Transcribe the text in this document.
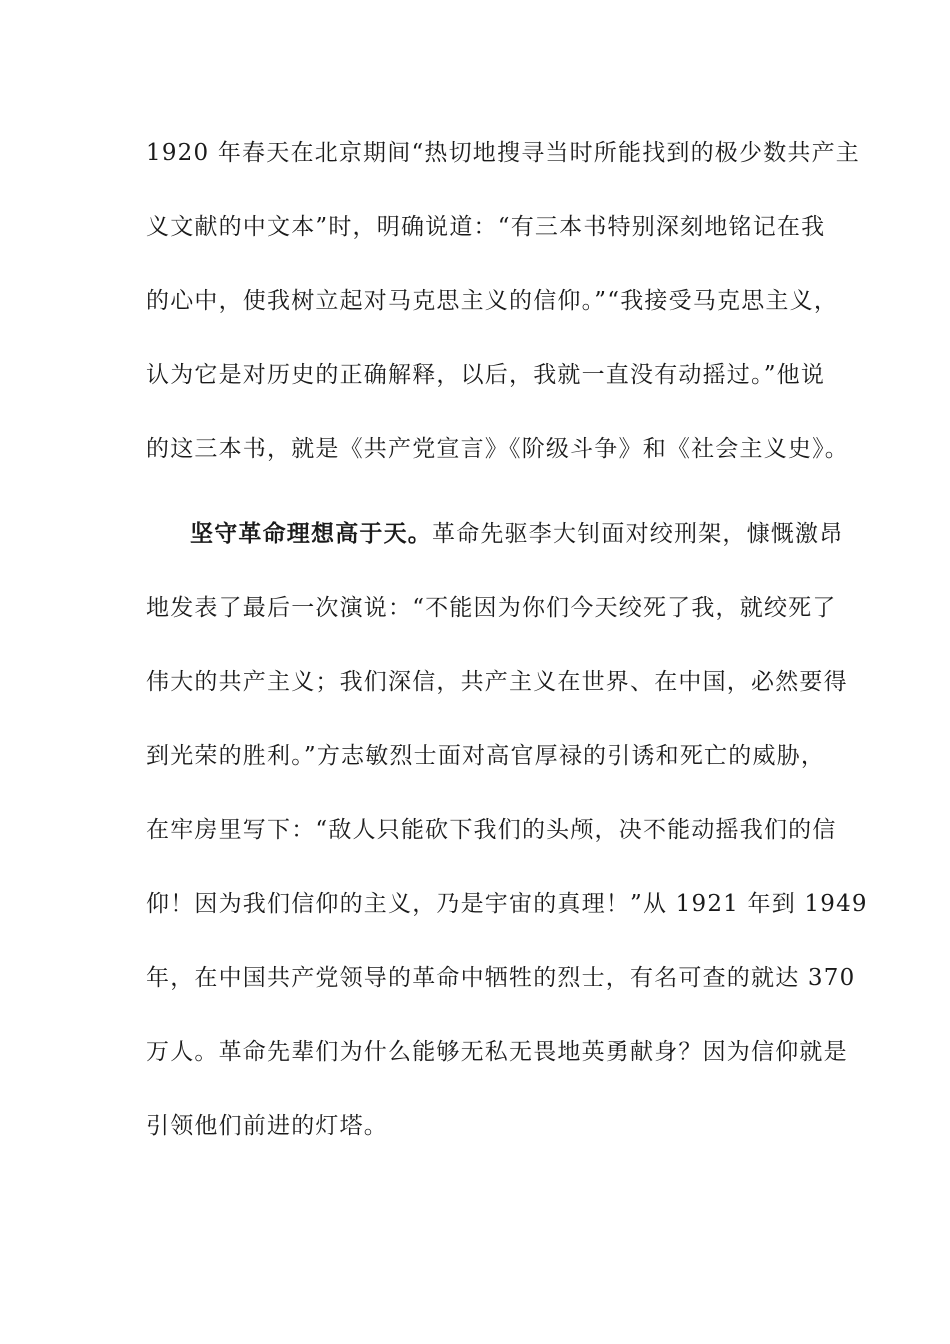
1920 年春天在北京期间“热切地搜寻当时所能找到的极少数共产主
义文献的中文本”时，明确说道：“有三本书特别深刻地铭记在我
的心中，使我树立起对马克思主义的信仰。”“我接受马克思主义，
认为它是对历史的正确解释，以后，我就一直没有动摇过。”他说
的这三本书，就是《共产党宣言》《阶级斗争》和《社会主义史》。
坚守革命理想高于天。革命先驱李大钊面对绞刑架，慷慨激昂
地发表了最后一次演说：“不能因为你们今天绞死了我，就绞死了
伟大的共产主义；我们深信，共产主义在世界、在中国，必然要得
到光荣的胜利。”方志敏烈士面对高官厚禄的引诱和死亡的威胁，
在牢房里写下：“敌人只能砍下我们的头颅，决不能动摇我们的信
仰！因为我们信仰的主义，乃是宇宙的真理！”从 1921 年到 1949
年，在中国共产党领导的革命中牺牲的烈士，有名可查的就达 370
万人。革命先辈们为什么能够无私无畏地英勇献身？因为信仰就是
引领他们前进的灯塔。
